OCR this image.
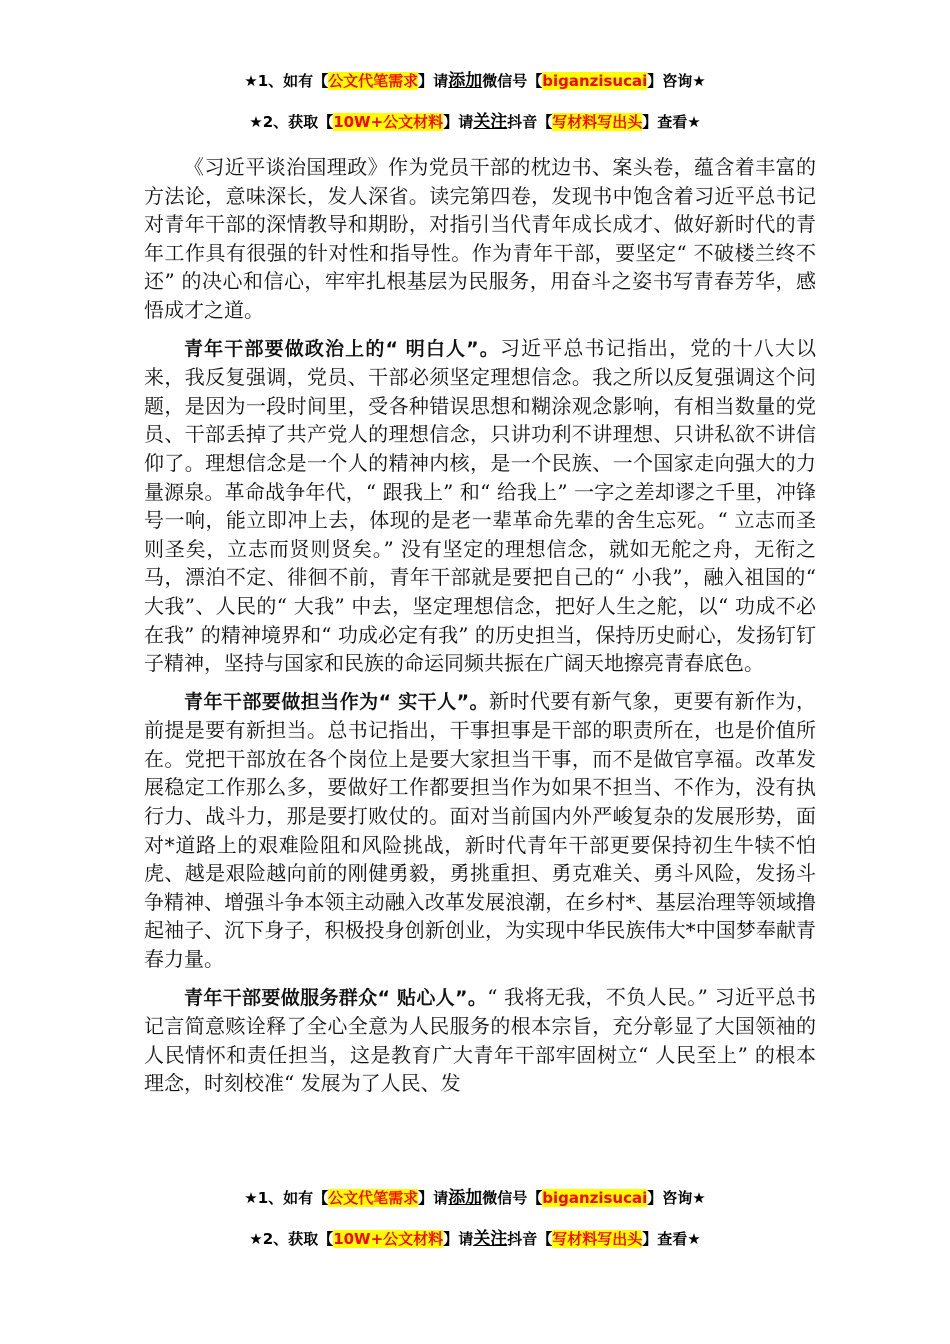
★1、如有【公文代笔需求】请添加微信号【biganzisucai】咨询★
★2、获取【10W+公文材料】请关注抖音【写材料写出头】查看★

《习近平谈治国理政》作为党员干部的枕边书、案头卷，蕴含着丰富的方法论，意味深长，发人深省。读完第四卷，发现书中饱含着习近平总书记对青年干部的深情教导和期盼，对指引当代青年成长成才、做好新时代的青年工作具有很强的针对性和指导性。作为青年干部，要坚定“ 不破楼兰终不还” 的决心和信心，牢牢扎根基层为民服务，用奋斗之姿书写青春芳华，感悟成才之道。

青年干部要做政治上的“ 明白人”。习近平总书记指出，党的十八大以来，我反复强调，党员、干部必须坚定理想信念。我之所以反复强调这个问题，是因为一段时间里，受各种错误思想和糊涂观念影响，有相当数量的党员、干部丢掉了共产党人的理想信念，只讲功利不讲理想、只讲私欲不讲信仰了。理想信念是一个人的精神内核，是一个民族、一个国家走向强大的力量源泉。革命战争年代，“ 跟我上” 和“ 给我上” 一字之差却谬之千里，冲锋号一响，能立即冲上去，体现的是老一辈革命先辈的舍生忘死。“ 立志而圣则圣矣，立志而贤则贤矣。” 没有坚定的理想信念，就如无舵之舟，无衔之马，漂泊不定、徘徊不前，青年干部就是要把自己的“ 小我”，融入祖国的“ 大我”、人民的“ 大我” 中去，坚定理想信念，把好人生之舵，以“ 功成不必在我” 的精神境界和“ 功成必定有我” 的历史担当，保持历史耐心，发扬钉钉子精神，坚持与国家和民族的命运同频共振在广阔天地擦亮青春底色。

青年干部要做担当作为“ 实干人”。新时代要有新气象，更要有新作为，前提是要有新担当。总书记指出，干事担事是干部的职责所在，也是价值所在。党把干部放在各个岗位上是要大家担当干事，而不是做官享福。改革发展稳定工作那么多，要做好工作都要担当作为如果不担当、不作为，没有执行力、战斗力，那是要打败仗的。面对当前国内外严峻复杂的发展形势，面对*道路上的艰难险阻和风险挑战，新时代青年干部更要保持初生牛犊不怕虎、越是艰险越向前的刚健勇毅，勇挑重担、勇克难关、勇斗风险，发扬斗争精神、增强斗争本领主动融入改革发展浪潮，在乡村*、基层治理等领域撸起袖子、沉下身子，积极投身创新创业，为实现中华民族伟大*中国梦奉献青春力量。

青年干部要做服务群众“ 贴心人”。“ 我将无我，不负人民。” 习近平总书记言简意赅诠释了全心全意为人民服务的根本宗旨，充分彰显了大国领袖的人民情怀和责任担当，这是教育广大青年干部牢固树立“ 人民至上” 的根本理念，时刻校准“ 发展为了人民、发

★1、如有【公文代笔需求】请添加微信号【biganzisucai】咨询★
★2、获取【10W+公文材料】请关注抖音【写材料写出头】查看★
